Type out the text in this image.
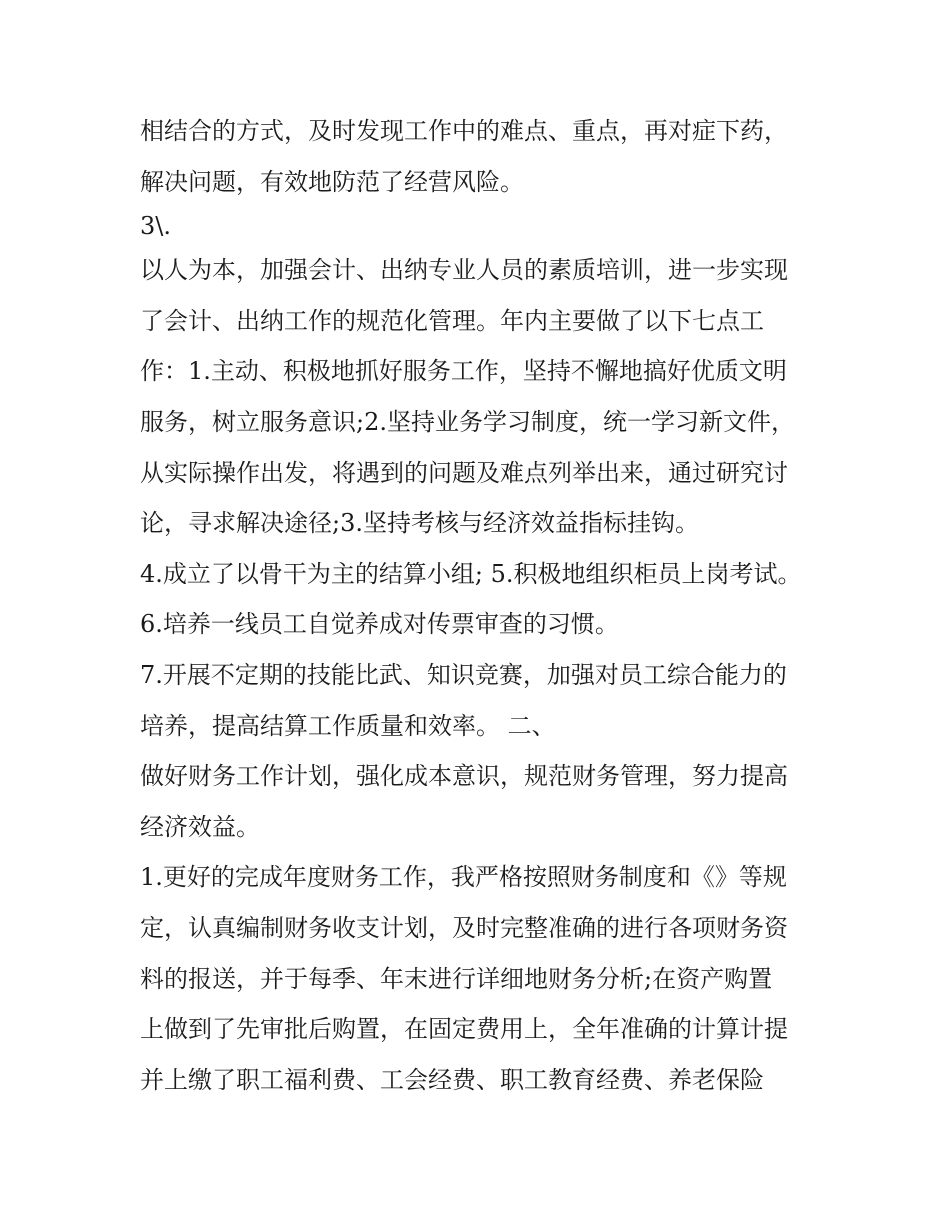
相结合的方式，及时发现工作中的难点、重点，再对症下药，
解决问题，有效地防范了经营风险。
3\.
以人为本，加强会计、出纳专业人员的素质培训，进一步实现
了会计、出纳工作的规范化管理。年内主要做了以下七点工
作：1.主动、积极地抓好服务工作，坚持不懈地搞好优质文明
服务，树立服务意识;2.坚持业务学习制度，统一学习新文件，
从实际操作出发，将遇到的问题及难点列举出来，通过研究讨
论，寻求解决途径;3.坚持考核与经济效益指标挂钩。
4.成立了以骨干为主的结算小组; 5.积极地组织柜员上岗考试。
6.培养一线员工自觉养成对传票审查的习惯。
7.开展不定期的技能比武、知识竞赛，加强对员工综合能力的
培养，提高结算工作质量和效率。 二、
做好财务工作计划，强化成本意识，规范财务管理，努力提高
经济效益。
1.更好的完成年度财务工作，我严格按照财务制度和《》等规
定，认真编制财务收支计划，及时完整准确的进行各项财务资
料的报送，并于每季、年末进行详细地财务分析;在资产购置
上做到了先审批后购置，在固定费用上，全年准确的计算计提
并上缴了职工福利费、工会经费、职工教育经费、养老保险
